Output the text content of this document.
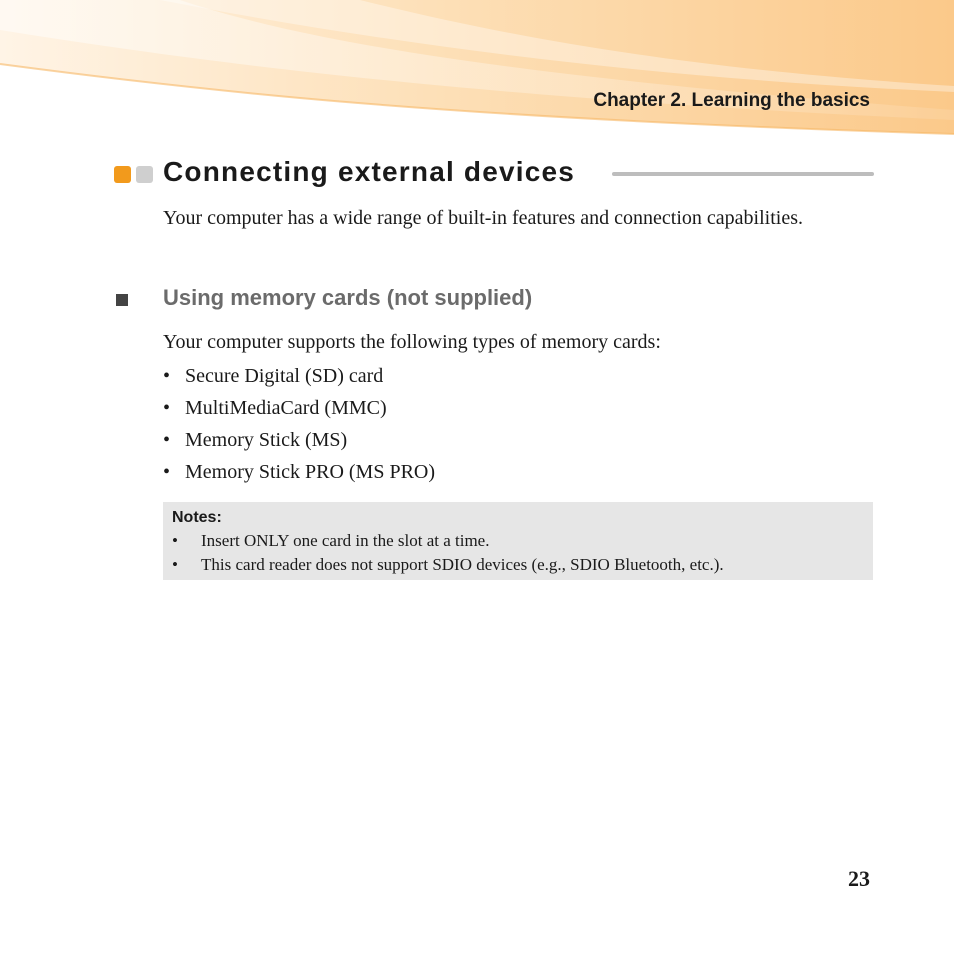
Chapter 2. Learning the basics
Connecting external devices
Your computer has a wide range of built-in features and connection capabilities.
Using memory cards (not supplied)
Your computer supports the following types of memory cards:
• Secure Digital (SD) card
• MultiMediaCard (MMC)
• Memory Stick (MS)
• Memory Stick PRO (MS PRO)
Notes:
• Insert ONLY one card in the slot at a time.
• This card reader does not support SDIO devices (e.g., SDIO Bluetooth, etc.).
23
